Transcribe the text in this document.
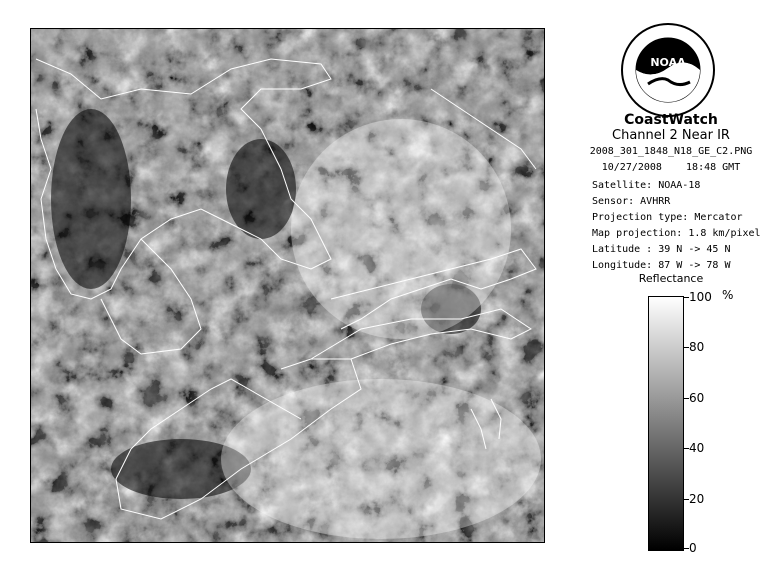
NOAA
CoastWatch
Channel 2 Near IR
2008_301_1848_N18_GE_C2.PNG
10/27/2008    18:48 GMT
Satellite: NOAA-18
Sensor: AVHRR
Projection type: Mercator
Map projection: 1.8 km/pixel
Latitude : 39 N -> 45 N
Longitude: 87 W -> 78 W
Reflectance
%
100
80
60
40
20
0
